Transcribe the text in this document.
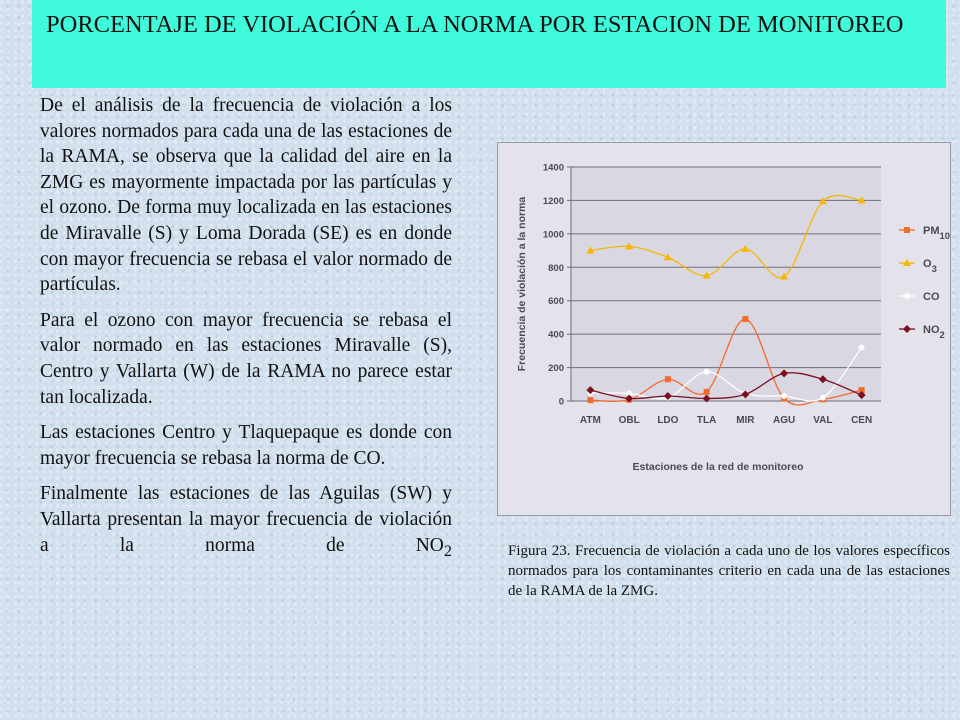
PORCENTAJE DE VIOLACIÓN A LA NORMA POR ESTACION DE MONITOREO

De el análisis de la frecuencia de violación a los valores normados para cada una de las estaciones de la RAMA, se observa que la calidad del aire en la ZMG es mayormente impactada por las partículas y el ozono. De forma muy localizada en las estaciones de Miravalle (S) y Loma Dorada (SE) es en donde con mayor frecuencia se rebasa el valor normado de partículas.

Para el ozono con mayor frecuencia se rebasa el valor normado en las estaciones Miravalle (S), Centro y Vallarta (W) de la RAMA no parece estar tan localizada.

Las estaciones Centro y Tlaquepaque es donde con mayor frecuencia se rebasa la norma de CO.

Finalmente las estaciones de las Aguilas (SW) y Vallarta presentan la mayor frecuencia de violación a la norma de $NO_2$

0
200
400
600
800
1000
1200
1400
ATM OBL LDO TLA MIR AGU VAL CEN
Estaciones de la red de monitoreo
Frecuencia de violación a la norma	PM10
O3
CO
NO2

Figura 23. Frecuencia de violación a cada uno de los valores específicos normados para los contaminantes criterio en cada una de las estaciones de la RAMA de la ZMG.
